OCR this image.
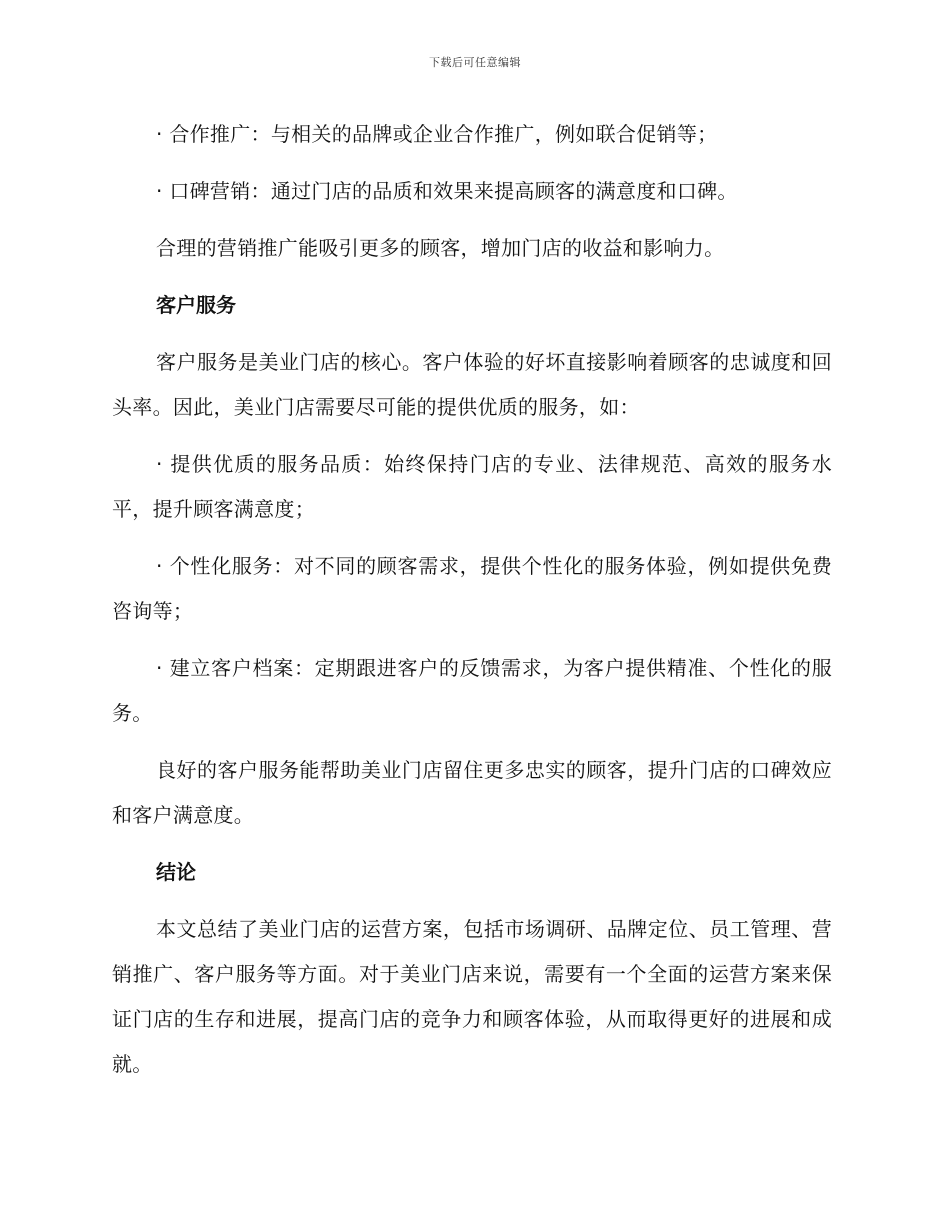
下载后可任意编辑

· 合作推广：与相关的品牌或企业合作推广，例如联合促销等；

· 口碑营销：通过门店的品质和效果来提高顾客的满意度和口碑。

合理的营销推广能吸引更多的顾客，增加门店的收益和影响力。

客户服务

客户服务是美业门店的核心。客户体验的好坏直接影响着顾客的忠诚度和回头率。因此，美业门店需要尽可能的提供优质的服务，如：

· 提供优质的服务品质：始终保持门店的专业、法律规范、高效的服务水平，提升顾客满意度；

· 个性化服务：对不同的顾客需求，提供个性化的服务体验，例如提供免费咨询等；

· 建立客户档案：定期跟进客户的反馈需求，为客户提供精准、个性化的服务。

良好的客户服务能帮助美业门店留住更多忠实的顾客，提升门店的口碑效应和客户满意度。

结论

本文总结了美业门店的运营方案，包括市场调研、品牌定位、员工管理、营销推广、客户服务等方面。对于美业门店来说，需要有一个全面的运营方案来保证门店的生存和进展，提高门店的竞争力和顾客体验，从而取得更好的进展和成就。
